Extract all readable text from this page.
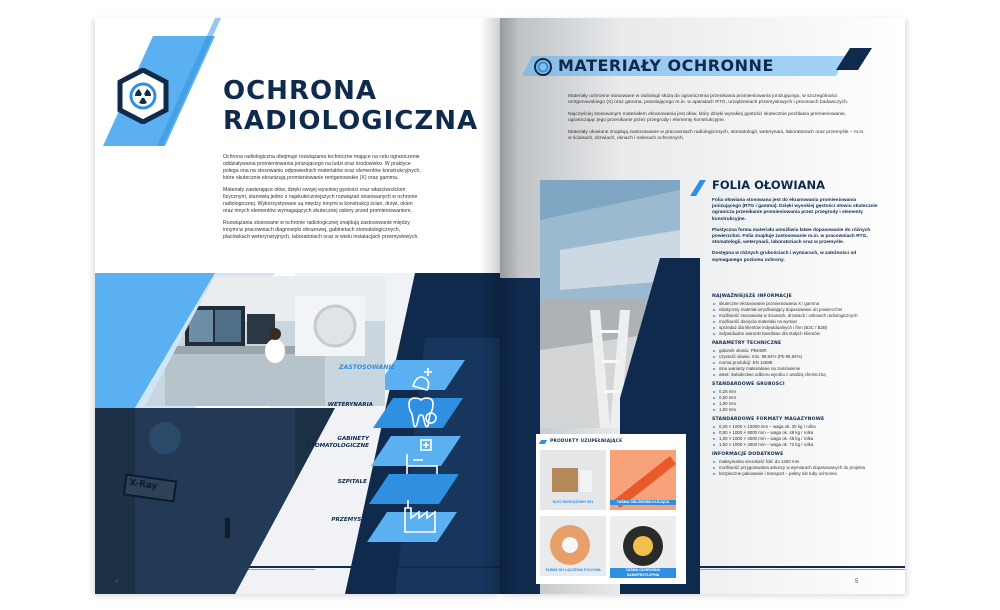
OCHRONA
RADIOLOGICZNA

Ochrona radiologiczna obejmuje rozwiązania techniczne mające na celu ograniczenie oddziaływania promieniowania jonizującego na ludzi oraz środowisko. W praktyce polega ona na stosowaniu odpowiednich materiałów oraz elementów konstrukcyjnych, które skutecznie ekranizują promieniowanie rentgenowskie (X) oraz gamma.

Materiały zawierające ołów, dzięki swojej wysokiej gęstości oraz właściwościom fizycznym, stanowią jedno z najskuteczniejszych rozwiązań stosowanych w ochronie radiologicznej. Wykorzystywane są między innymi w konstrukcji ścian, drzwi, okien oraz innych elementów wymagających skutecznej osłony przed promieniowaniem.

Rozwiązania stosowane w ochronie radiologicznej znajdują zastosowanie między innymi w pracowniach diagnostyki obrazowej, gabinetach stomatologicznych, placówkach weterynaryjnych, laboratoriach oraz w wielu instalacjach przemysłowych.

X-Ray
ZASTOSOWANIE
WETERYNARIA
GABINETY STOMATOLOGICZNE
SZPITALE
PRZEMYSŁ
4
MATERIAŁY OCHRONNE

Materiały ochronne stosowane w radiologii służą do ograniczenia przenikania promieniowania jonizującego, w szczególności rentgenowskiego (X) oraz gamma, powstającego m.in. w aparatach RTG, urządzeniach przemysłowych i procesach badawczych.

Najczęściej stosowanym materiałem ekranowania jest ołów, który dzięki wysokiej gęstości skutecznie pochłania promieniowanie, ograniczając jego przenikanie przez przegrody i elementy konstrukcyjne.

Materiały ołowiane znajdują zastosowanie w pracowniach radiologicznych, stomatologii, weterynarii, laboratoriach oraz przemyśle – m.in. w ścianach, drzwiach, oknach i osłonach ochronnych.

PRODUKTY UZUPEŁNIAJĄCE
KLEJ MONTAŻOWY 801	TAŚMA OSŁONOWA KLEJĄCA
TAŚMA DO ŁĄCZENIA FOLIOWA	TAŚMA OCHRONNA SAMOPRZYLEPNA
FOLIA OŁOWIANA

Folia ołowiana stosowana jest do ekranowania promieniowania jonizującego (RTG i gamma). Dzięki wysokiej gęstości ołowiu skutecznie ogranicza przenikanie promieniowania przez przegrody i elementy konstrukcyjne.

Plastyczna forma materiału umożliwia łatwe dopasowanie do różnych powierzchni. Folia znajduje zastosowanie m.in. w pracowniach RTG, stomatologii, weterynarii, laboratoriach oraz w przemyśle.

Dostępna w różnych grubościach i wymiarach, w zależności od wymaganego poziomu ochrony.

NAJWAŻNIEJSZE INFORMACJE
skuteczne ekranowanie promieniowania X i gamma
elastyczny materiał umożliwiający dopasowanie do powierzchni
możliwość stosowania w ścianach, drzwiach i osłonach radiologicznych
możliwość docięcia materiału na wymiar
sprzedaż dla klientów indywidualnych i firm (B2C / B2B)
indywidualne warunki handlowe dla stałych klientów
PARAMETRY TECHNICZNE
gatunek ołowiu: Pb940R
czystość ołowiu: min. 99,94% (Pb 99,94%)
norma produkcji: EN 12588
inne warianty materiałowe na zamówienie
atest: świadectwo odbioru wyrobu z analizą chemiczną
STANDARDOWE GRUBOŚCI
0,25 mm
0,50 mm
1,00 mm
1,50 mm
STANDARDOWE FORMATY MAGAZYNOWE
0,25 × 1000 × 10000 mm – waga ok. 30 kg / rolka
0,50 × 1000 × 8000 mm – waga ok. 48 kg / rolka
1,00 × 1000 × 4000 mm – waga ok. 48 kg / rolka
1,50 × 1000 × 4000 mm – waga ok. 72 kg / rolka
INFORMACJE DODATKOWE
maksymalna szerokość folii: do 1300 mm
możliwość przygotowania arkuszy w wymiarach dopasowanych do projektu
bezpieczne pakowanie i transport – palety lub tuby ochronne
5
